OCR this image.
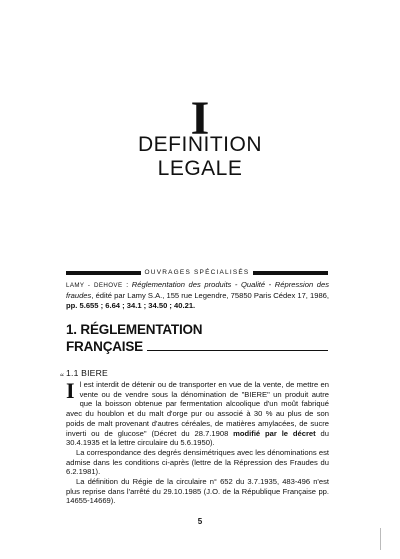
I
DEFINITION
LEGALE
OUVRAGES SPÉCIALISÉS

LAMY - DEHOVE : Réglementation des produits - Qualité - Répression des fraudes, édité par Lamy S.A., 155 rue Legendre, 75850 Paris Cédex 17, 1986, pp. 5.655 ; 6.64 ; 34.1 ; 34.50 ; 40.21.

1. RÉGLEMENTATION
FRANÇAISE
1.1 BIERE
“

Il est interdit de détenir ou de transporter en vue de la vente, de mettre en vente ou de vendre sous la dénomination de "BIERE" un produit autre que la boisson obtenue par fermentation alcoolique d'un moût fabriqué avec du houblon et du malt d'orge pur ou associé à 30 % au plus de son poids de malt provenant d'autres céréales, de matières amylacées, de sucre inverti ou de glucose" (Décret du 28.7.1908 modifié par le décret du 30.4.1935 et la lettre circulaire du 5.6.1950).

La correspondance des degrés densimétriques avec les dénominations est admise dans les conditions ci-après (lettre de la Répression des Fraudes du 6.2.1981).

La définition du Régie de la circulaire n° 652 du 3.7.1935, 483-496 n'est plus reprise dans l'arrêté du 29.10.1985 (J.O. de la République Française pp. 14655-14669).

5
